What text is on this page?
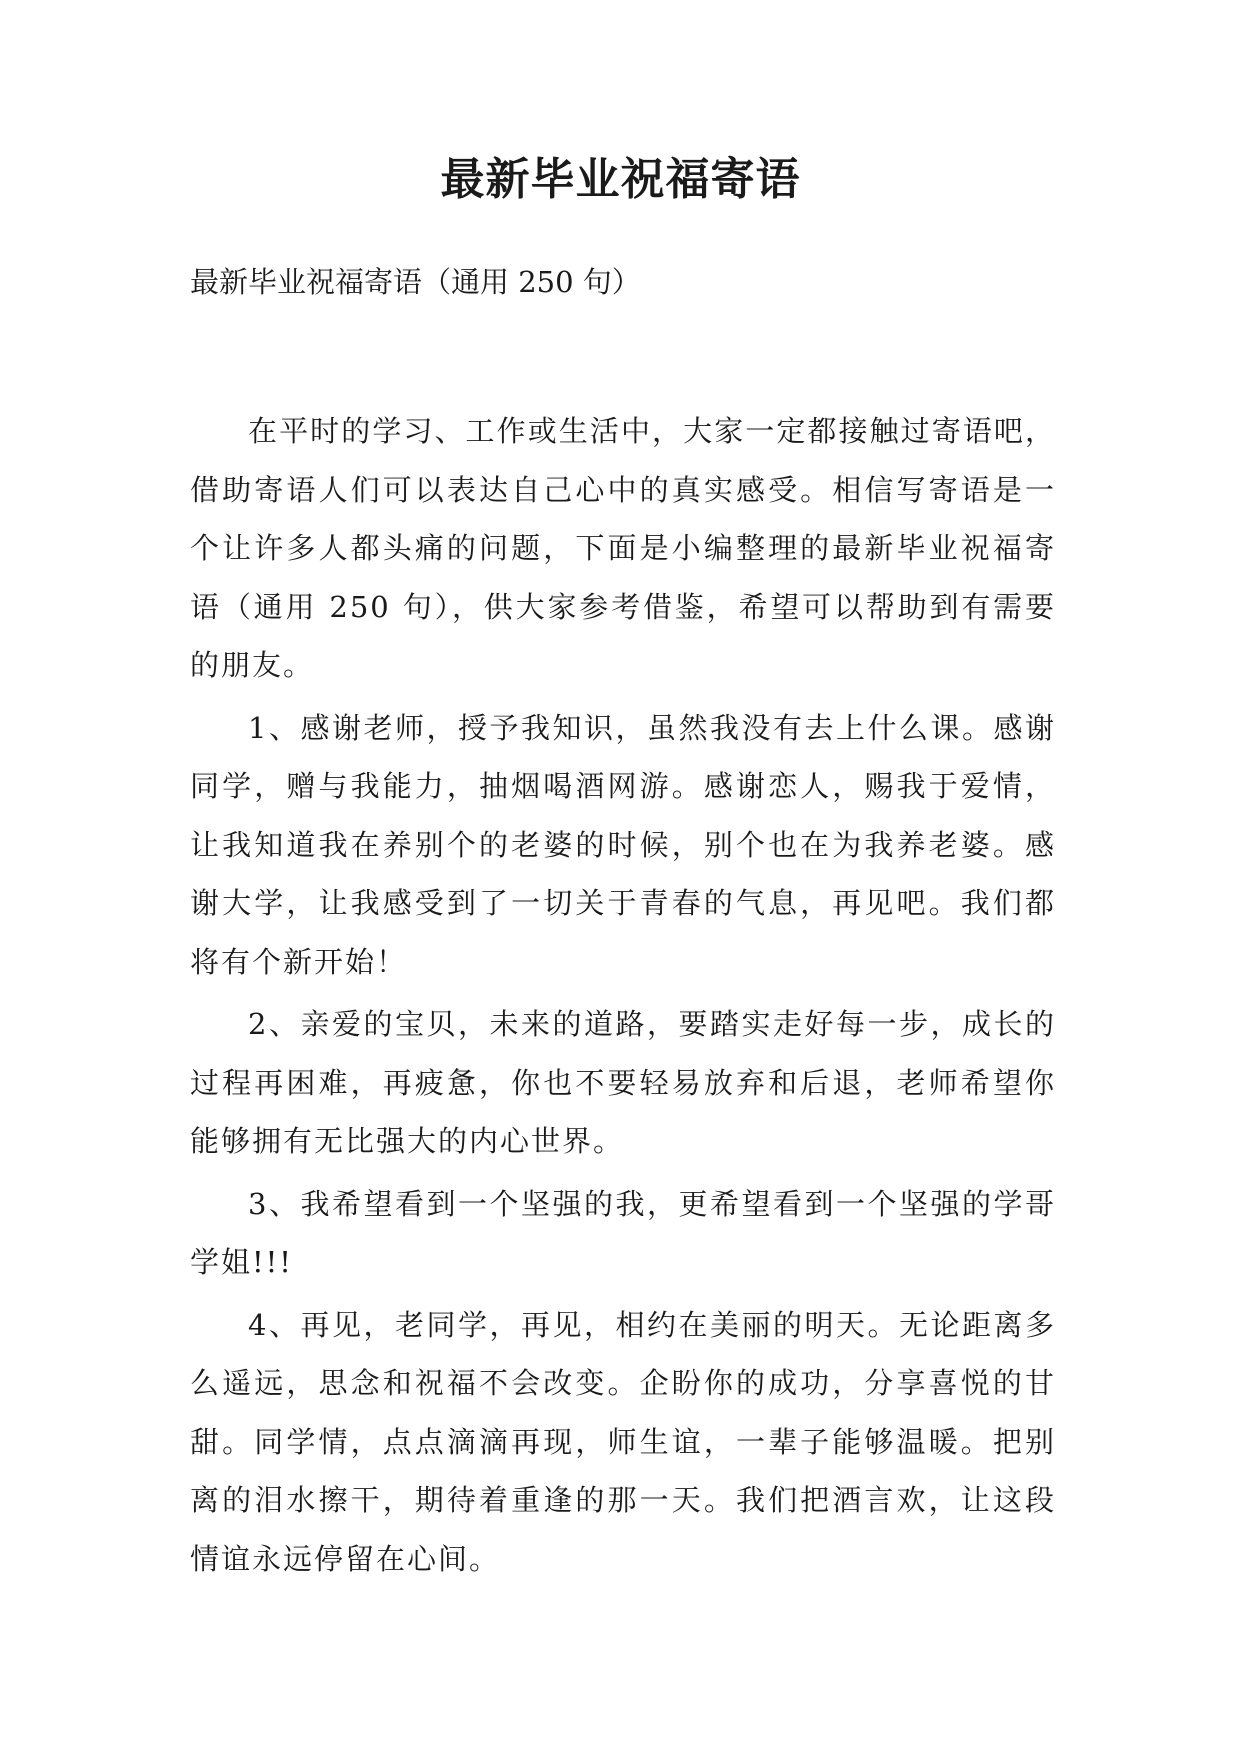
最新毕业祝福寄语

最新毕业祝福寄语（通用 250 句）

在平时的学习、工作或生活中，大家一定都接触过寄语吧，借助寄语人们可以表达自己心中的真实感受。相信写寄语是一个让许多人都头痛的问题，下面是小编整理的最新毕业祝福寄语（通用 250 句），供大家参考借鉴，希望可以帮助到有需要的朋友。

1、感谢老师，授予我知识，虽然我没有去上什么课。感谢同学，赠与我能力，抽烟喝酒网游。感谢恋人，赐我于爱情，让我知道我在养别个的老婆的时候，别个也在为我养老婆。感谢大学，让我感受到了一切关于青春的气息，再见吧。我们都将有个新开始！

2、亲爱的宝贝，未来的道路，要踏实走好每一步，成长的过程再困难，再疲惫，你也不要轻易放弃和后退，老师希望你能够拥有无比强大的内心世界。

3、我希望看到一个坚强的我，更希望看到一个坚强的学哥学姐!!!

4、再见，老同学，再见，相约在美丽的明天。无论距离多么遥远，思念和祝福不会改变。企盼你的成功，分享喜悦的甘甜。同学情，点点滴滴再现，师生谊，一辈子能够温暖。把别离的泪水擦干，期待着重逢的那一天。我们把酒言欢，让这段情谊永远停留在心间。
